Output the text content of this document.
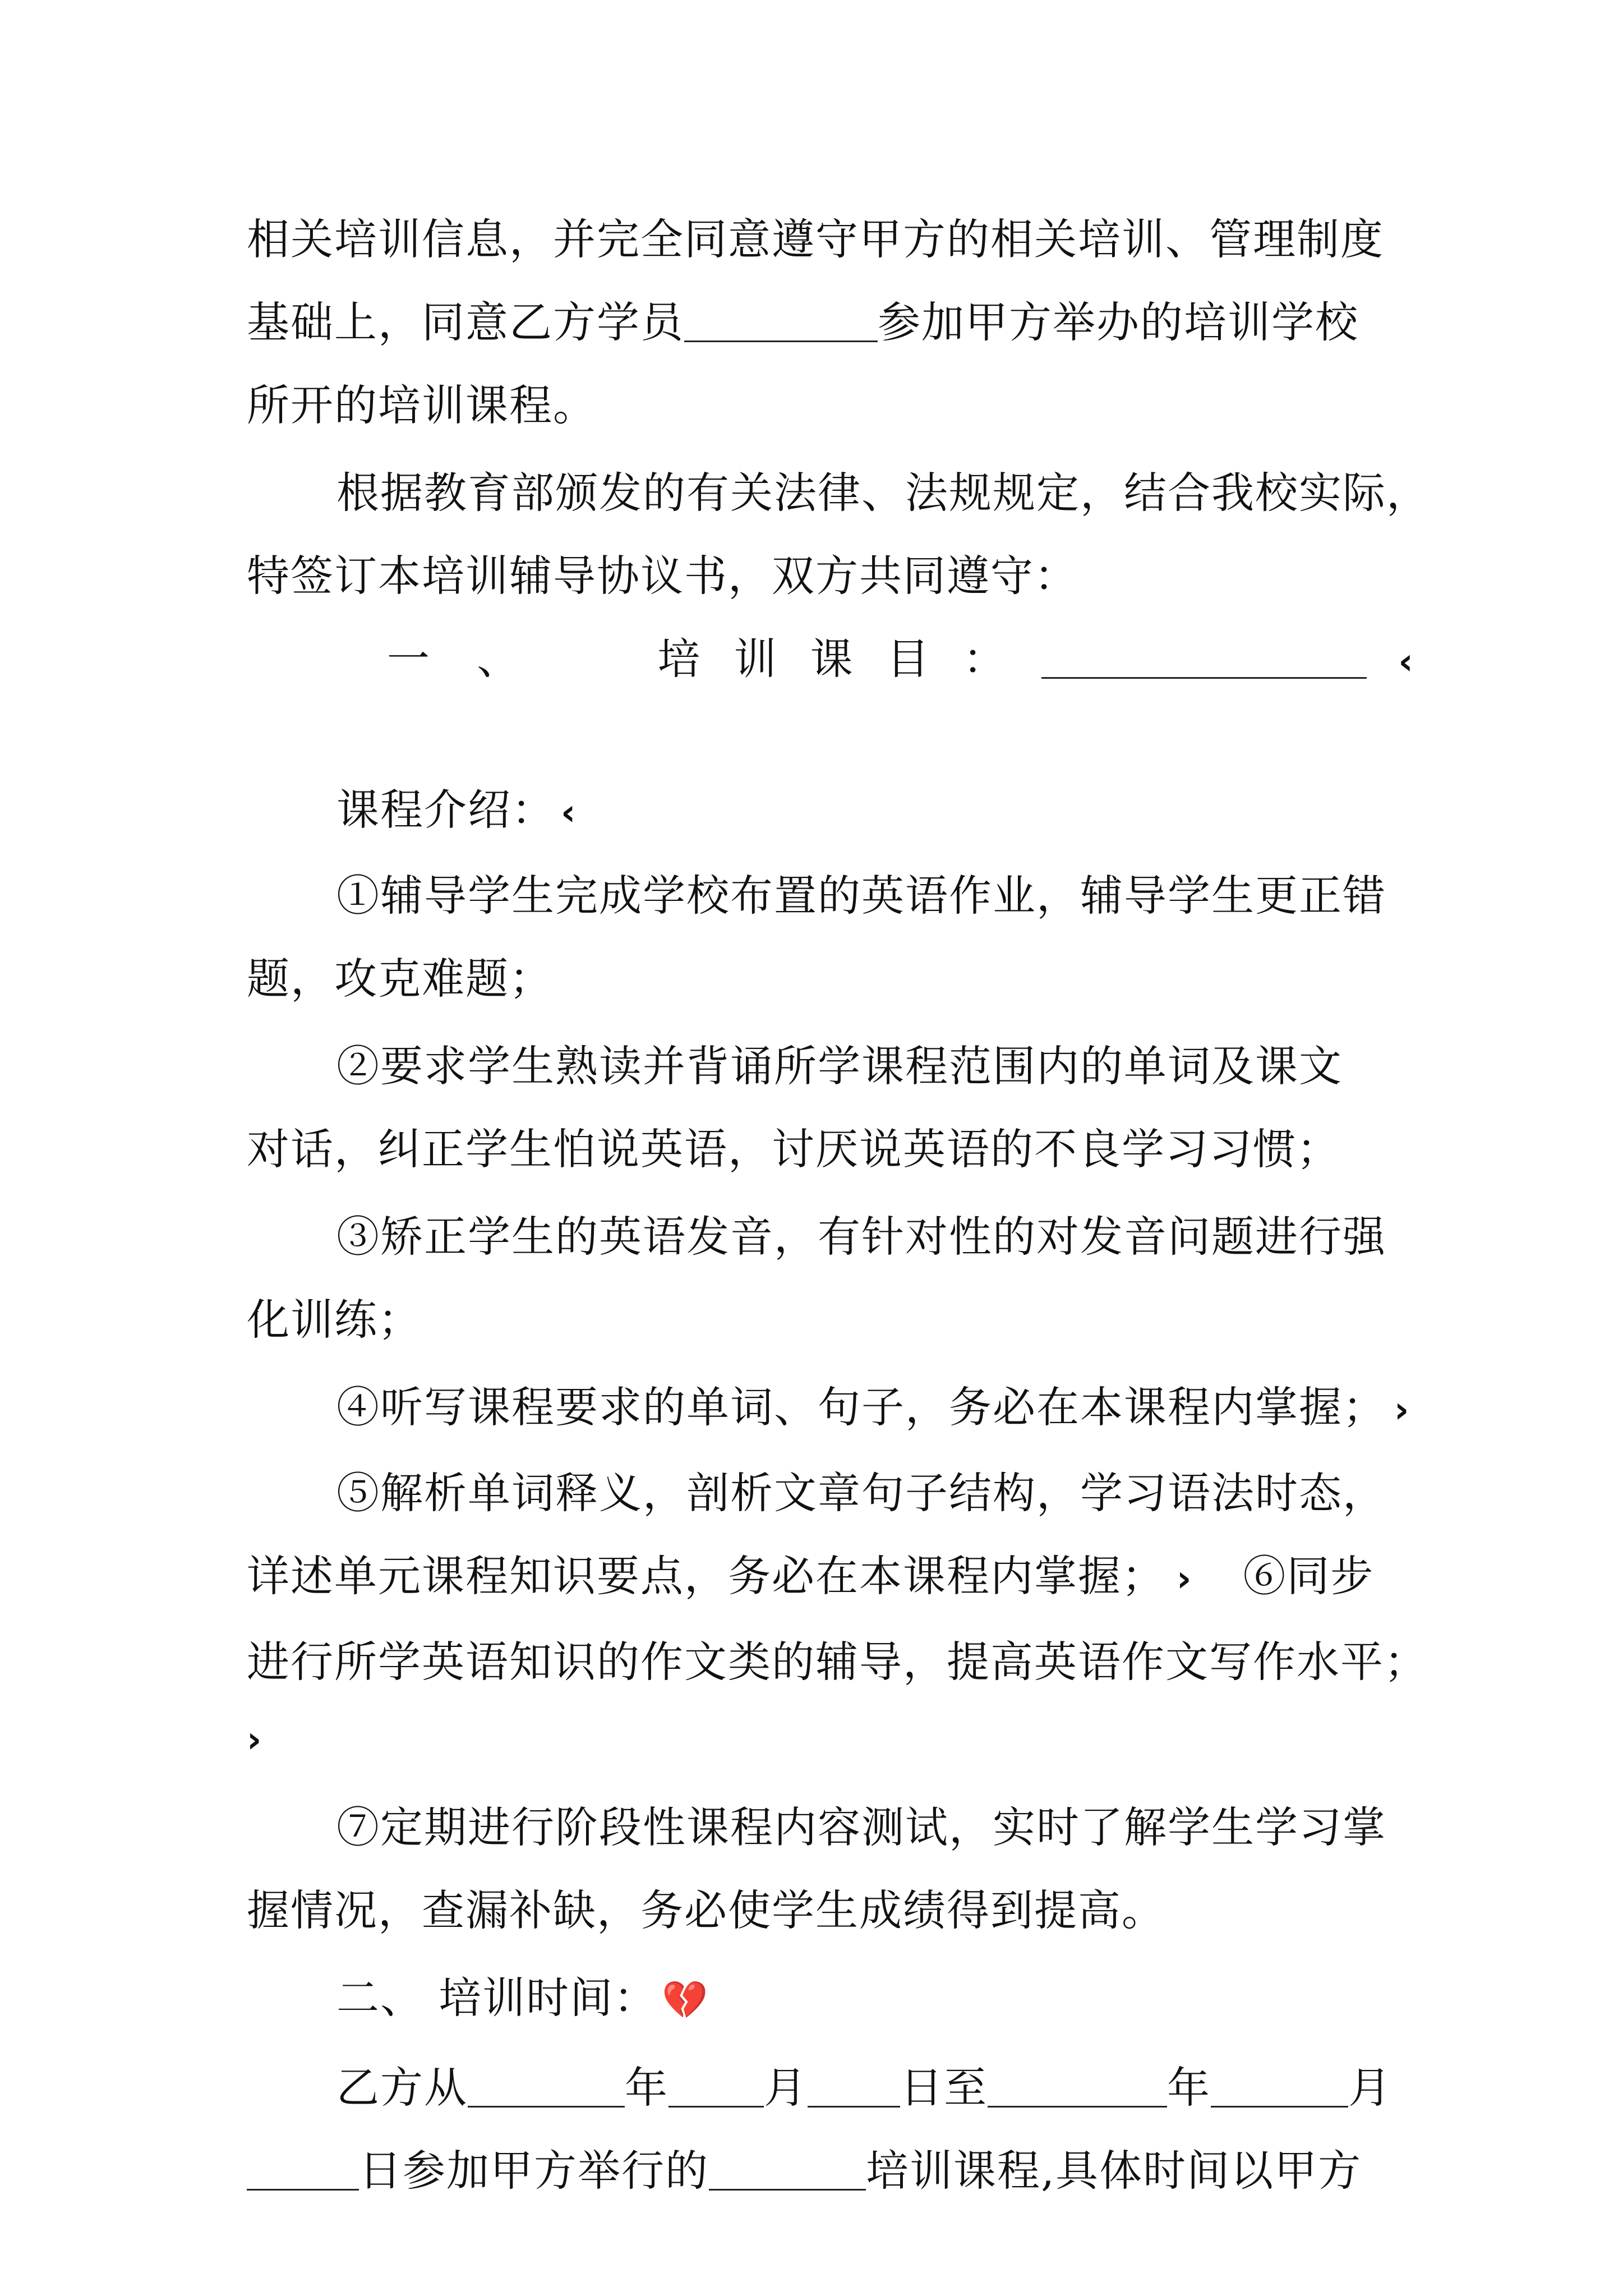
相关培训信息，并完全同意遵守甲方的相关培训、管理制度
基础上，同意乙方学员	参加甲方举办的培训学校
所开的培训课程。
根据教育部颁发的有关法律、法规规定，结合我校实际，
特签订本培训辅导协议书，双方共同遵守：
一 、	培 训 课 目 ：	‹
课程介绍： ‹
①辅导学生完成学校布置的英语作业，辅导学生更正错
题，攻克难题；
②要求学生熟读并背诵所学课程范围内的单词及课文
对话，纠正学生怕说英语，讨厌说英语的不良学习习惯；
③矫正学生的英语发音，有针对性的对发音问题进行强
化训练；
④听写课程要求的单词、句子，务必在本课程内掌握； ›
⑤解析单词释义，剖析文章句子结构，学习语法时态，
详述单元课程知识要点，务必在本课程内掌握； › ⑥同步
进行所学英语知识的作文类的辅导，提高英语作文写作水平；
›
⑦定期进行阶段性课程内容测试，实时了解学生学习掌
握情况，查漏补缺，务必使学生成绩得到提高。
二、 培训时间： 💔
乙方从	年 月 日至	年	月
日参加甲方举行的	培训课程,具体时间以甲方
